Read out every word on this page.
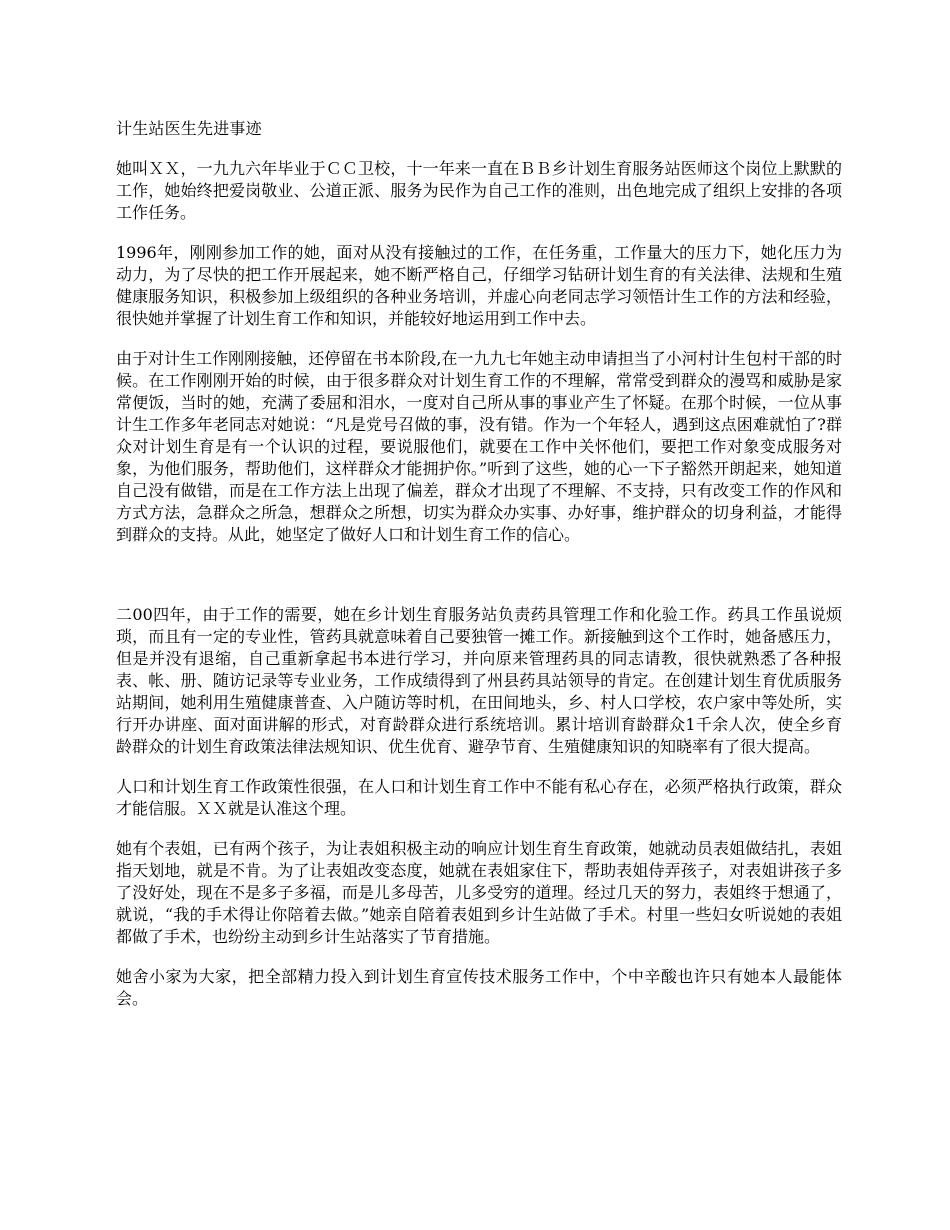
计生站医生先进事迹

她叫ＸＸ，一九九六年毕业于ＣＣ卫校，十一年来一直在ＢＢ乡计划生育服务站医师这个岗位上默默的工作，她始终把爱岗敬业、公道正派、服务为民作为自己工作的准则，出色地完成了组织上安排的各项工作任务。

1996年，刚刚参加工作的她，面对从没有接触过的工作，在任务重，工作量大的压力下，她化压力为动力，为了尽快的把工作开展起来，她不断严格自己，仔细学习钻研计划生育的有关法律、法规和生殖健康服务知识，积极参加上级组织的各种业务培训，并虚心向老同志学习领悟计生工作的方法和经验，很快她并掌握了计划生育工作和知识，并能较好地运用到工作中去。

由于对计生工作刚刚接触，还停留在书本阶段,在一九九七年她主动申请担当了小河村计生包村干部的时候。在工作刚刚开始的时候，由于很多群众对计划生育工作的不理解，常常受到群众的漫骂和威胁是家常便饭，当时的她，充满了委屈和泪水，一度对自己所从事的事业产生了怀疑。在那个时候，一位从事计生工作多年老同志对她说：“凡是党号召做的事，没有错。作为一个年轻人，遇到这点困难就怕了?群众对计划生育是有一个认识的过程，要说服他们，就要在工作中关怀他们，要把工作对象变成服务对象，为他们服务，帮助他们，这样群众才能拥护你。”听到了这些，她的心一下子豁然开朗起来，她知道自己没有做错，而是在工作方法上出现了偏差，群众才出现了不理解、不支持，只有改变工作的作风和方式方法，急群众之所急，想群众之所想，切实为群众办实事、办好事，维护群众的切身利益，才能得到群众的支持。从此，她坚定了做好人口和计划生育工作的信心。

二00四年，由于工作的需要，她在乡计划生育服务站负责药具管理工作和化验工作。药具工作虽说烦琐，而且有一定的专业性，管药具就意味着自己要独管一摊工作。新接触到这个工作时，她备感压力，但是并没有退缩，自己重新拿起书本进行学习，并向原来管理药具的同志请教，很快就熟悉了各种报表、帐、册、随访记录等专业业务，工作成绩得到了州县药具站领导的肯定。在创建计划生育优质服务站期间，她利用生殖健康普查、入户随访等时机，在田间地头，乡、村人口学校，农户家中等处所，实行开办讲座、面对面讲解的形式，对育龄群众进行系统培训。累计培训育龄群众1千余人次，使全乡育龄群众的计划生育政策法律法规知识、优生优育、避孕节育、生殖健康知识的知晓率有了很大提高。

人口和计划生育工作政策性很强，在人口和计划生育工作中不能有私心存在，必须严格执行政策，群众才能信服。ＸＸ就是认准这个理。

她有个表姐，已有两个孩子，为让表姐积极主动的响应计划生育生育政策，她就动员表姐做结扎，表姐指天划地，就是不肯。为了让表姐改变态度，她就在表姐家住下，帮助表姐侍弄孩子，对表姐讲孩子多了没好处，现在不是多子多福，而是儿多母苦，儿多受穷的道理。经过几天的努力，表姐终于想通了，就说，“我的手术得让你陪着去做。”她亲自陪着表姐到乡计生站做了手术。村里一些妇女听说她的表姐都做了手术，也纷纷主动到乡计生站落实了节育措施。

她舍小家为大家，把全部精力投入到计划生育宣传技术服务工作中，个中辛酸也许只有她本人最能体会。
